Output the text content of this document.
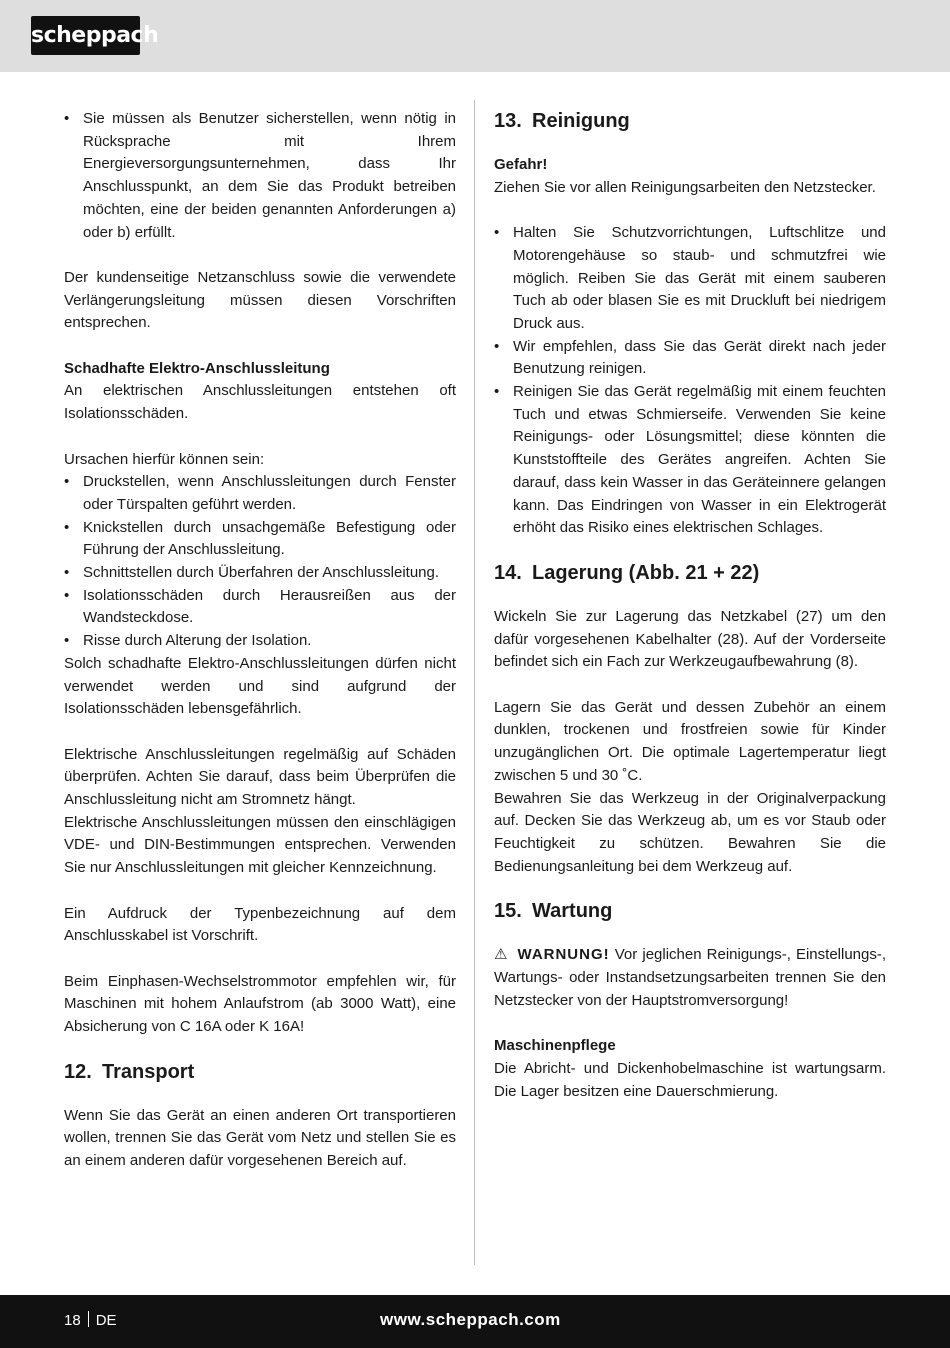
scheppach
• Sie müssen als Benutzer sicherstellen, wenn nötig in Rücksprache mit Ihrem Energieversorgungsunternehmen, dass Ihr Anschlusspunkt, an dem Sie das Produkt betreiben möchten, eine der beiden genannten Anforderungen a) oder b) erfüllt.

Der kundenseitige Netzanschluss sowie die verwendete Verlängerungsleitung müssen diesen Vorschriften entsprechen.

Schadhafte Elektro-Anschlussleitung

An elektrischen Anschlussleitungen entstehen oft Isolationsschäden.

Ursachen hierfür können sein:

• Druckstellen, wenn Anschlussleitungen durch Fenster oder Türspalten geführt werden.
• Knickstellen durch unsachgemäße Befestigung oder Führung der Anschlussleitung.
• Schnittstellen durch Überfahren der Anschlussleitung.
• Isolationsschäden durch Herausreißen aus der Wandsteckdose.
• Risse durch Alterung der Isolation.

Solch schadhafte Elektro-Anschlussleitungen dürfen nicht verwendet werden und sind aufgrund der Isolationsschäden lebensgefährlich.

Elektrische Anschlussleitungen regelmäßig auf Schäden überprüfen. Achten Sie darauf, dass beim Überprüfen die Anschlussleitung nicht am Stromnetz hängt.

Elektrische Anschlussleitungen müssen den einschlägigen VDE- und DIN-Bestimmungen entsprechen. Verwenden Sie nur Anschlussleitungen mit gleicher Kennzeichnung.

Ein Aufdruck der Typenbezeichnung auf dem Anschlusskabel ist Vorschrift.

Beim Einphasen-Wechselstrommotor empfehlen wir, für Maschinen mit hohem Anlaufstrom (ab 3000 Watt), eine Absicherung von C 16A oder K 16A!

12. Transport

Wenn Sie das Gerät an einen anderen Ort transportieren wollen, trennen Sie das Gerät vom Netz und stellen Sie es an einem anderen dafür vorgesehenen Bereich auf.

13. Reinigung

Gefahr!

Ziehen Sie vor allen Reinigungsarbeiten den Netzstecker.

• Halten Sie Schutzvorrichtungen, Luftschlitze und Motorengehäuse so staub- und schmutzfrei wie möglich. Reiben Sie das Gerät mit einem sauberen Tuch ab oder blasen Sie es mit Druckluft bei niedrigem Druck aus.
• Wir empfehlen, dass Sie das Gerät direkt nach jeder Benutzung reinigen.
• Reinigen Sie das Gerät regelmäßig mit einem feuchten Tuch und etwas Schmierseife. Verwenden Sie keine Reinigungs- oder Lösungsmittel; diese könnten die Kunststoffteile des Gerätes angreifen. Achten Sie darauf, dass kein Wasser in das Geräteinnere gelangen kann. Das Eindringen von Wasser in ein Elektrogerät erhöht das Risiko eines elektrischen Schlages.
14. Lagerung (Abb. 21 + 22)

Wickeln Sie zur Lagerung das Netzkabel (27) um den dafür vorgesehenen Kabelhalter (28). Auf der Vorderseite befindet sich ein Fach zur Werkzeugaufbewahrung (8).

Lagern Sie das Gerät und dessen Zubehör an einem dunklen, trockenen und frostfreien sowie für Kinder unzugänglichen Ort. Die optimale Lagertemperatur liegt zwischen 5 und 30 ˚C.

Bewahren Sie das Werkzeug in der Originalverpackung auf. Decken Sie das Werkzeug ab, um es vor Staub oder Feuchtigkeit zu schützen. Bewahren Sie die Bedienungsanleitung bei dem Werkzeug auf.

15. Wartung

⚠ WARNUNG! Vor jeglichen Reinigungs-, Einstellungs-, Wartungs- oder Instandsetzungsarbeiten trennen Sie den Netzstecker von der Hauptstromversorgung!

Maschinenpflege

Die Abricht- und Dickenhobelmaschine ist wartungsarm. Die Lager besitzen eine Dauerschmierung.

18 DE	www.scheppach.com
